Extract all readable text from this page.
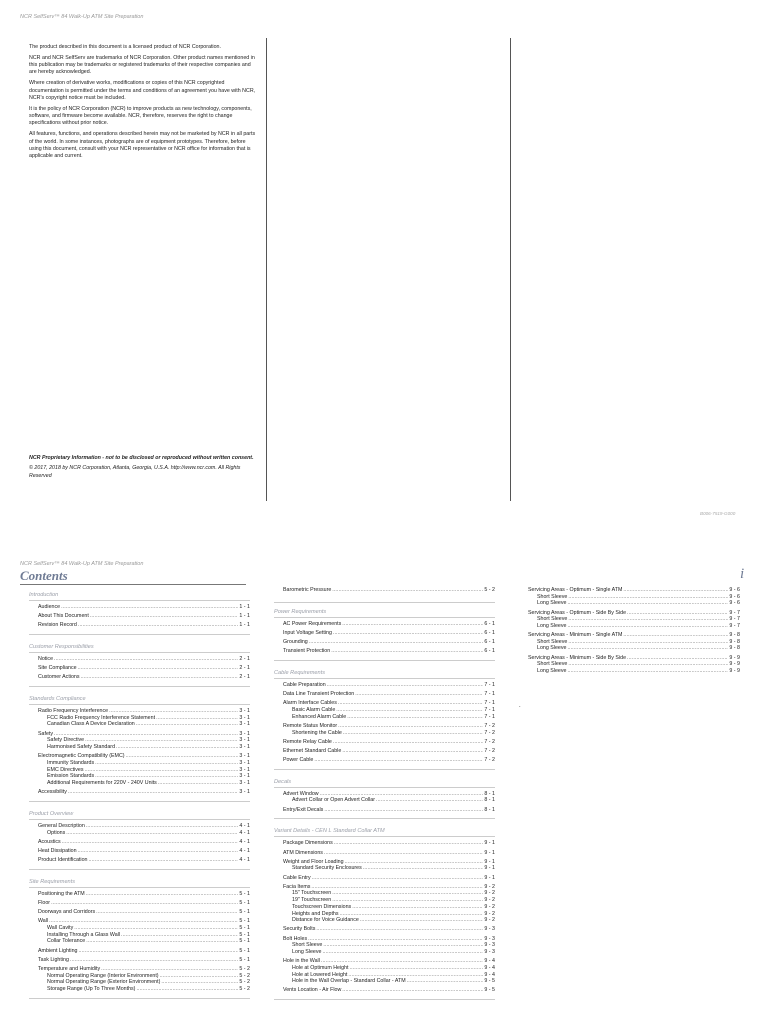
NCR SelfServ™ 84 Walk-Up ATM Site Preparation

The product described in this document is a licensed product of NCR Corporation.

NCR and NCR SelfServ are trademarks of NCR Corporation. Other product names mentioned in this publication may be trademarks or registered trademarks of their respective companies and are hereby acknowledged.

Where creation of derivative works, modifications or copies of this NCR copyrighted documentation is permitted under the terms and conditions of an agreement you have with NCR, NCR's copyright notice must be included.

It is the policy of NCR Corporation (NCR) to improve products as new technology, components, software, and firmware become available. NCR, therefore, reserves the right to change specifications without prior notice.

All features, functions, and operations described herein may not be marketed by NCR in all parts of the world. In some instances, photographs are of equipment prototypes. Therefore, before using this document, consult with your NCR representative or NCR office for information that is applicable and current.

NCR Proprietary Information - not to be disclosed or reproduced without written consent.

© 2017, 2018 by NCR Corporation, Atlanta, Georgia, U.S.A. http://www.ncr.com. All Rights Reserved

B006-7519-G000
NCR SelfServ™ 84 Walk-Up ATM Site Preparation
Contents	i
Introduction
Audience .....	1 - 1
About This Document .....	1 - 1
Revision Record .....	1 - 1
Customer Responsibilities
Notice .....	2 - 1
Site Compliance .....	2 - 1
Customer Actions .....	2 - 1
Standards Compliance
Radio Frequency Interference .....	3 - 1
FCC Radio Frequency Interference Statement .....	3 - 1
Canadian Class A Device Declaration .....	3 - 1
Safety .....	3 - 1
Safety Directive .....	3 - 1
Harmonised Safety Standard .....	3 - 1
Electromagnetic Compatibility (EMC) .....	3 - 1
Immunity Standards .....	3 - 1
EMC Directives .....	3 - 1
Emission Standards .....	3 - 1
Additional Requirements for 220V - 240V Units .....	3 - 1
Accessibility .....	3 - 1
Product Overview
General Description .....	4 - 1
Options .....	4 - 1
Acoustics .....	4 - 1
Heat Dissipation .....	4 - 1
Product Identification .....	4 - 1
Site Requirements
Positioning the ATM .....	5 - 1
Floor .....	5 - 1
Doorways and Corridors .....	5 - 1
Wall .....	5 - 1
Wall Cavity .....	5 - 1
Installing Through a Glass Wall .....	5 - 1
Collar Tolerance .....	5 - 1
Ambient Lighting .....	5 - 1
Task Lighting .....	5 - 1
Temperature and Humidity .....	5 - 2
Normal Operating Range (Interior Environment) .....	5 - 2
Normal Operating Range (Exterior Environment) .....	5 - 2
Storage Range (Up To Three Months) .....	5 - 2
Barometric Pressure .....	5 - 2
Power Requirements
AC Power Requirements .....	6 - 1
Input Voltage Setting .....	6 - 1
Grounding .....	6 - 1
Transient Protection .....	6 - 1
Cable Requirements
Cable Preparation .....	7 - 1
Data Line Transient Protection .....	7 - 1
Alarm Interface Cables .....	7 - 1
Basic Alarm Cable .....	7 - 1
Enhanced Alarm Cable .....	7 - 1
Remote Status Monitor .....	7 - 2
Shortening the Cable .....	7 - 2
Remote Relay Cable .....	7 - 2
Ethernet Standard Cable .....	7 - 2
Power Cable .....	7 - 2
Decals
Advert Window .....	8 - 1
Advert Collar or Open Advert Collar .....	8 - 1
Entry/Exit Decals .....	8 - 1
Variant Details - CEN L Standard Collar ATM
Package Dimensions .....	9 - 1
ATM Dimensions .....	9 - 1
Weight and Floor Loading .....	9 - 1
Standard Security Enclosures .....	9 - 1
Cable Entry .....	9 - 1
Facia Items .....	9 - 2
15" Touchscreen .....	9 - 2
19" Touchscreen .....	9 - 2
Touchscreen Dimensions .....	9 - 2
Heights and Depths .....	9 - 2
Distance for Voice Guidance .....	9 - 2
Security Bolts .....	9 - 3
Bolt Holes .....	9 - 3
Short Sleeve .....	9 - 3
Long Sleeve .....	9 - 3
Hole in the Wall .....	9 - 4
Hole at Optimum Height .....	9 - 4
Hole at Lowered Height .....	9 - 4
Hole in the Wall Overlap - Standard Collar - ATM .....	9 - 5
Vents Location - Air Flow .....	9 - 5
Servicing Areas - Optimum - Single ATM .....	9 - 6
Short Sleeve .....	9 - 6
Long Sleeve .....	9 - 6
Servicing Areas - Optimum - Side By Side .....	9 - 7
Short Sleeve .....	9 - 7
Long Sleeve .....	9 - 7
Servicing Areas - Minimum - Single ATM .....	9 - 8
Short Sleeve .....	9 - 8
Long Sleeve .....	9 - 8
Servicing Areas - Minimum - Side By Side .....	9 - 9
Short Sleeve .....	9 - 9
Long Sleeve .....	9 - 9
.
